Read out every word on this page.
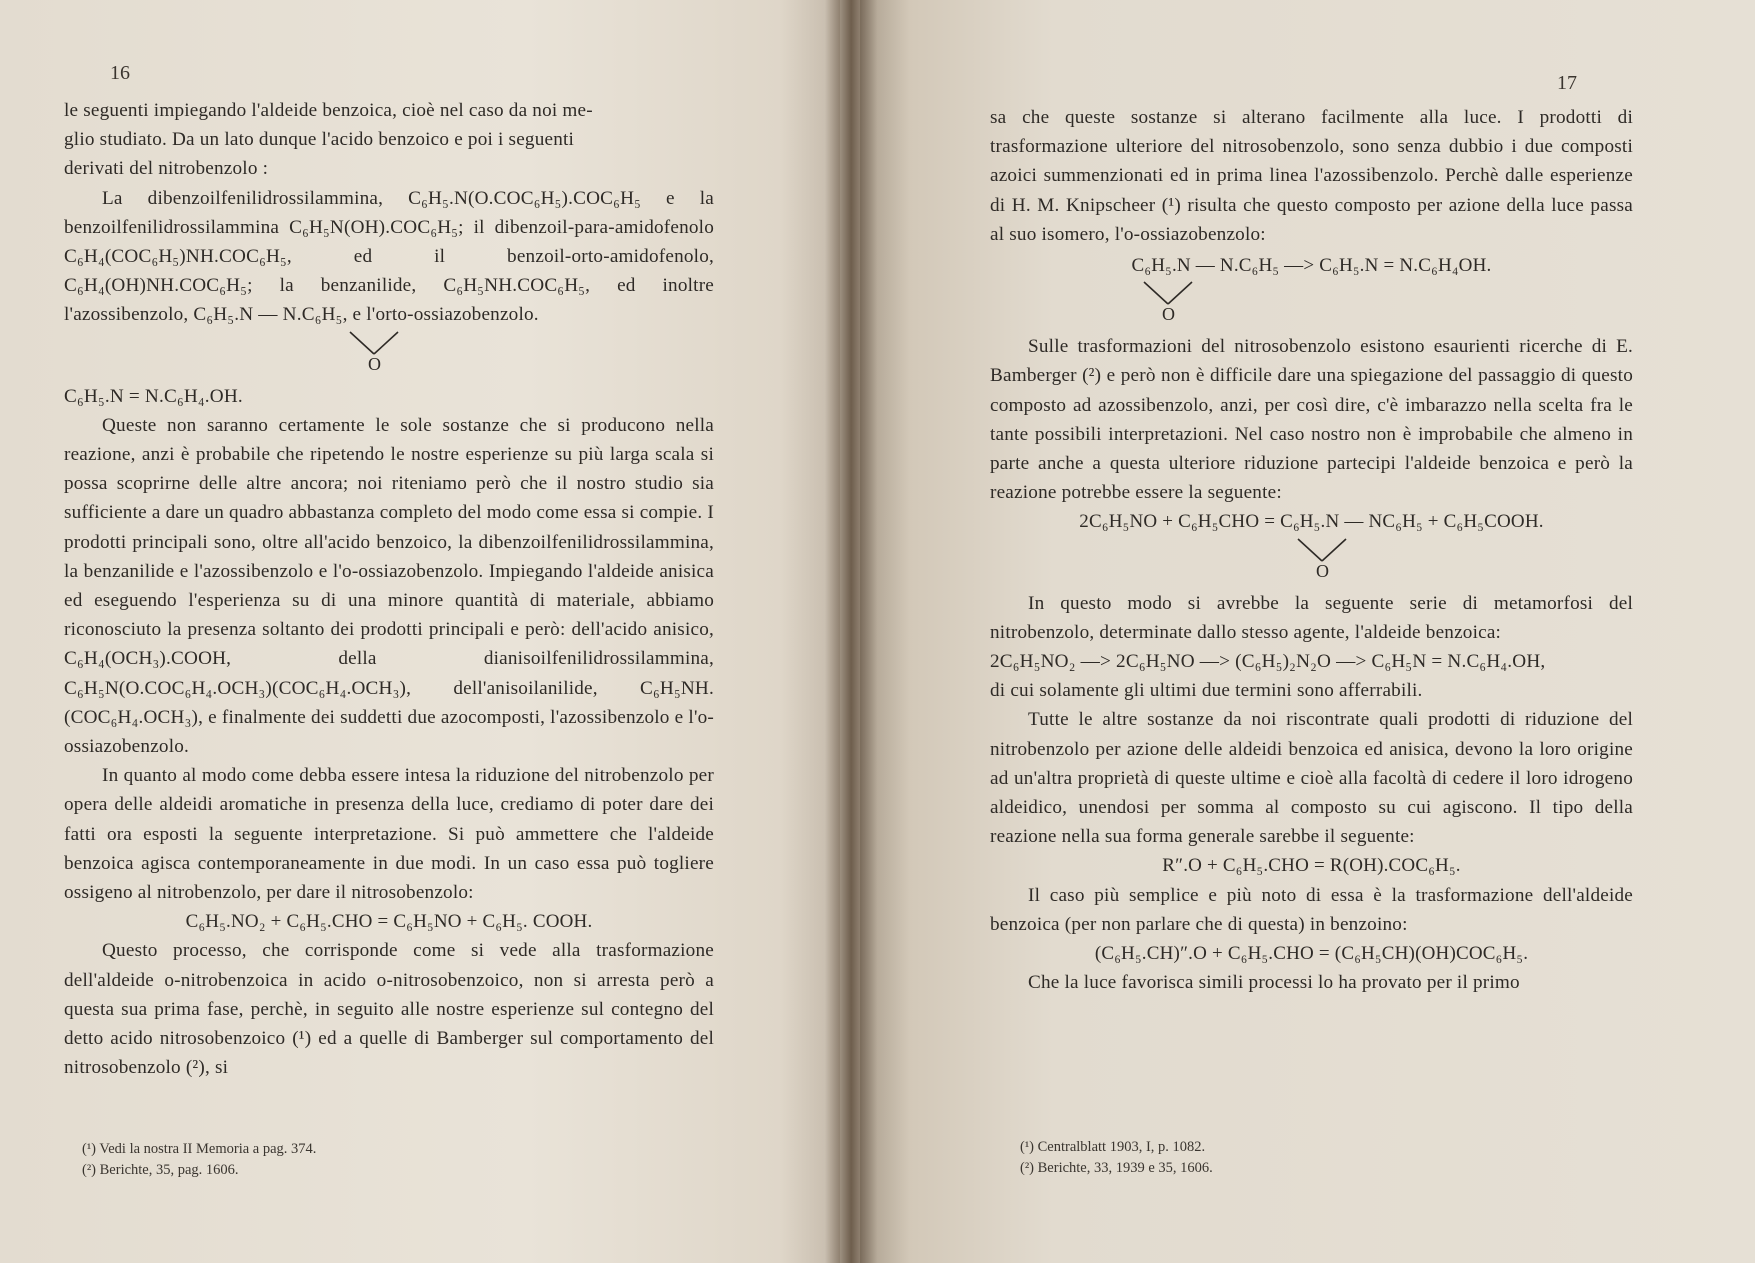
16

le seguenti impiegando l'aldeide benzoica, cioè nel caso da noi me-

glio studiato. Da un lato dunque l'acido benzoico e poi i seguenti

derivati del nitrobenzolo :

La dibenzoilfenilidrossilammina, C₆H₅.N(O.COC₆H₅).COC₆H₅ e la benzoilfenilidrossilammina C₆H₅N(OH).COC₆H₅; il dibenzoil-para-amidofenolo C₆H₄(COC₆H₅)NH.COC₆H₅, ed il benzoil-orto-amidofenolo, C₆H₄(OH)NH.COC₆H₅; la benzanilide, C₆H₅NH.COC₆H₅, ed inoltre l'azossibenzolo, C₆H₅.N — N.C₆H₅, e l'orto-ossiazobenzolo.

O

C₆H₅.N = N.C₆H₄.OH.

Queste non saranno certamente le sole sostanze che si producono nella reazione, anzi è probabile che ripetendo le nostre esperienze su più larga scala si possa scoprirne delle altre ancora; noi riteniamo però che il nostro studio sia sufficiente a dare un quadro abbastanza completo del modo come essa si compie. I prodotti principali sono, oltre all'acido benzoico, la dibenzoilfenilidrossilammina, la benzanilide e l'azossibenzolo e l'o-ossiazobenzolo. Impiegando l'aldeide anisica ed eseguendo l'esperienza su di una minore quantità di materiale, abbiamo riconosciuto la presenza soltanto dei prodotti principali e però: dell'acido anisico, C₆H₄(OCH₃).COOH, della dianisoilfenilidrossilammina, C₆H₅N(O.COC₆H₄.OCH₃)(COC₆H₄.OCH₃), dell'anisoilanilide, C₆H₅NH.(COC₆H₄.OCH₃), e finalmente dei suddetti due azocomposti, l'azossibenzolo e l'o-ossiazobenzolo.

In quanto al modo come debba essere intesa la riduzione del nitrobenzolo per opera delle aldeidi aromatiche in presenza della luce, crediamo di poter dare dei fatti ora esposti la seguente interpretazione. Si può ammettere che l'aldeide benzoica agisca contemporaneamente in due modi. In un caso essa può togliere ossigeno al nitrobenzolo, per dare il nitrosobenzolo:

C₆H₅.NO₂ + C₆H₅.CHO = C₆H₅NO + C₆H₅. COOH.

Questo processo, che corrisponde come si vede alla trasformazione dell'aldeide o-nitrobenzoica in acido o-nitrosobenzoico, non si arresta però a questa sua prima fase, perchè, in seguito alle nostre esperienze sul contegno del detto acido nitrosobenzoico (¹) ed a quelle di Bamberger sul comportamento del nitrosobenzolo (²), si

(¹) Vedi la nostra II Memoria a pag. 374.
(²) Berichte, 35, pag. 1606.
17

sa che queste sostanze si alterano facilmente alla luce. I prodotti di trasformazione ulteriore del nitrosobenzolo, sono senza dubbio i due composti azoici summenzionati ed in prima linea l'azossibenzolo. Perchè dalle esperienze di H. M. Knipscheer (¹) risulta che questo composto per azione della luce passa al suo isomero, l'o-ossiazobenzolo:

C₆H₅.N — N.C₆H₅ —> C₆H₅.N = N.C₆H₄OH.

O

Sulle trasformazioni del nitrosobenzolo esistono esaurienti ricerche di E. Bamberger (²) e però non è difficile dare una spiegazione del passaggio di questo composto ad azossibenzolo, anzi, per così dire, c'è imbarazzo nella scelta fra le tante possibili interpretazioni. Nel caso nostro non è improbabile che almeno in parte anche a questa ulteriore riduzione partecipi l'aldeide benzoica e però la reazione potrebbe essere la seguente:

2C₆H₅NO + C₆H₅CHO = C₆H₅.N — NC₆H₅ + C₆H₅COOH.

O

In questo modo si avrebbe la seguente serie di metamorfosi del nitrobenzolo, determinate dallo stesso agente, l'aldeide benzoica:

2C₆H₅NO₂ —> 2C₆H₅NO —> (C₆H₅)₂N₂O —> C₆H₅N = N.C₆H₄.OH,

di cui solamente gli ultimi due termini sono afferrabili.

Tutte le altre sostanze da noi riscontrate quali prodotti di riduzione del nitrobenzolo per azione delle aldeidi benzoica ed anisica, devono la loro origine ad un'altra proprietà di queste ultime e cioè alla facoltà di cedere il loro idrogeno aldeidico, unendosi per somma al composto su cui agiscono. Il tipo della reazione nella sua forma generale sarebbe il seguente:

R″.O + C₆H₅.CHO = R(OH).COC₆H₅.

Il caso più semplice e più noto di essa è la trasformazione dell'aldeide benzoica (per non parlare che di questa) in benzoino:

(C₆H₅.CH)″.O + C₆H₅.CHO = (C₆H₅CH)(OH)COC₆H₅.

Che la luce favorisca simili processi lo ha provato per il primo

(¹) Centralblatt 1903, I, p. 1082.
(²) Berichte, 33, 1939 e 35, 1606.
